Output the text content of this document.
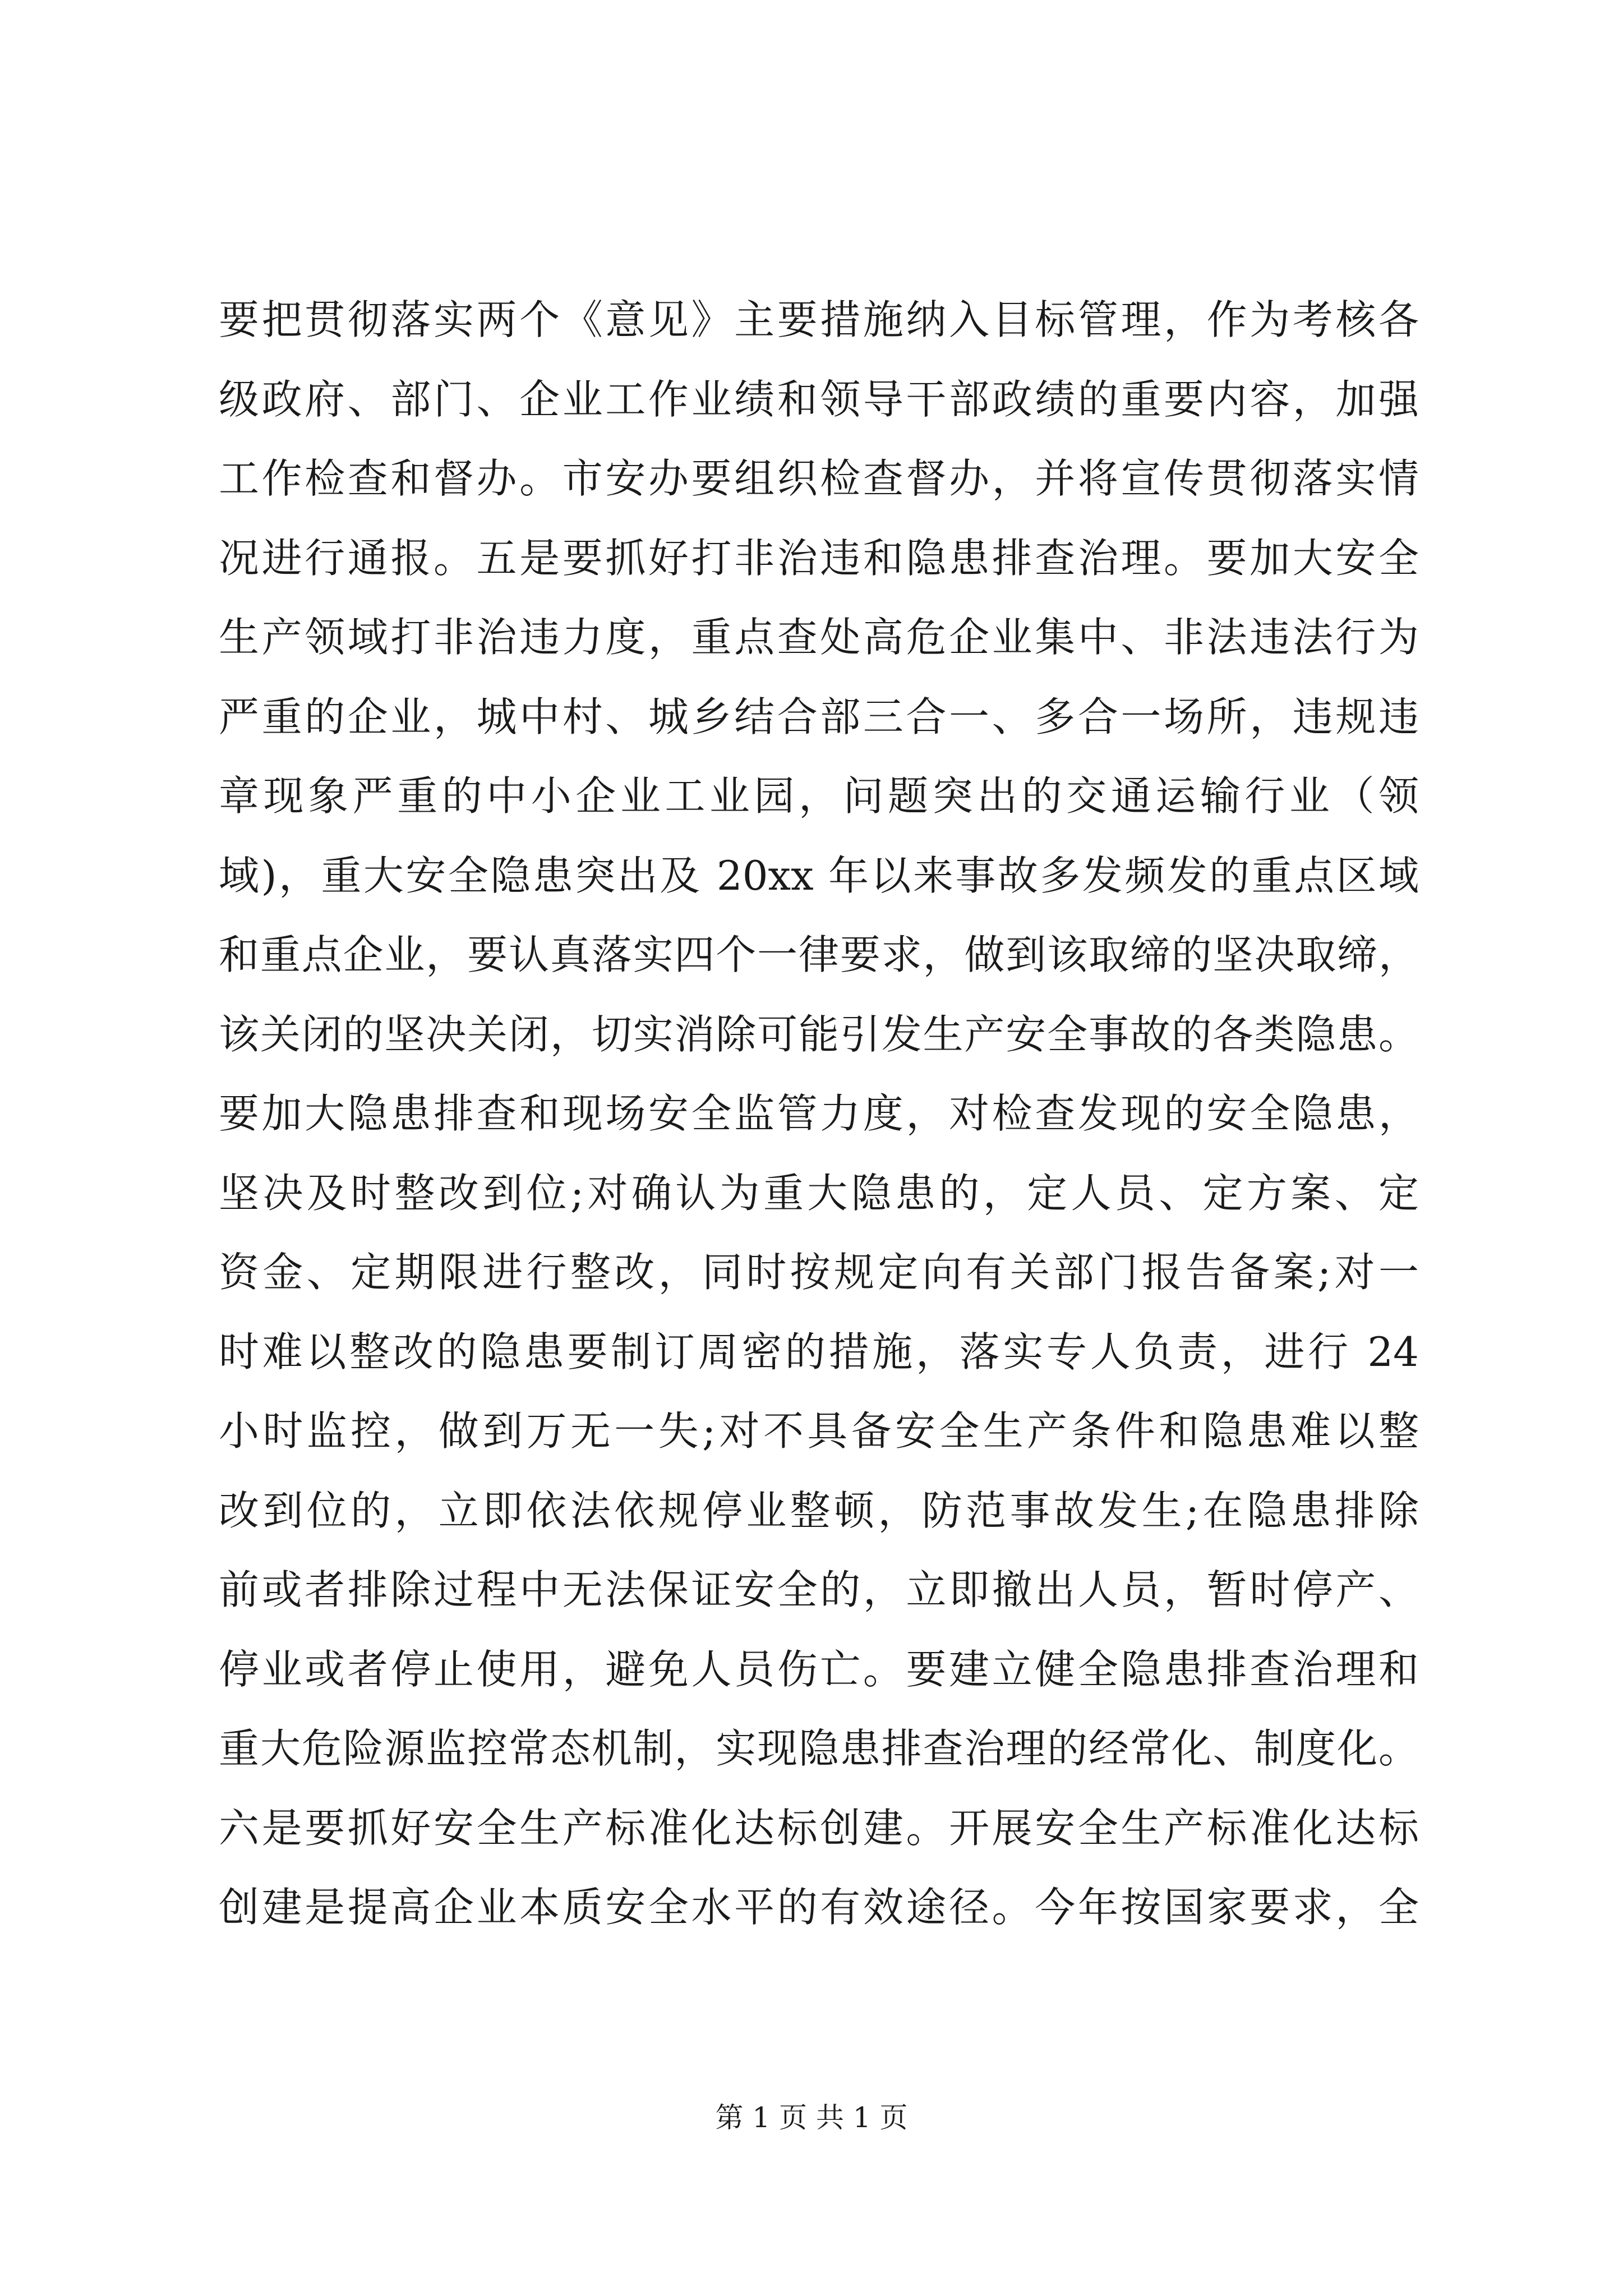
要把贯彻落实两个《意见》主要措施纳入目标管理，作为考核各
级政府、部门、企业工作业绩和领导干部政绩的重要内容，加强
工作检查和督办。市安办要组织检查督办，并将宣传贯彻落实情
况进行通报。五是要抓好打非治违和隐患排查治理。要加大安全
生产领域打非治违力度，重点查处高危企业集中、非法违法行为
严重的企业，城中村、城乡结合部三合一、多合一场所，违规违
章现象严重的中小企业工业园，问题突出的交通运输行业（领
域)，重大安全隐患突出及 20xx 年以来事故多发频发的重点区域
和重点企业，要认真落实四个一律要求，做到该取缔的坚决取缔，
该关闭的坚决关闭，切实消除可能引发生产安全事故的各类隐患。
要加大隐患排查和现场安全监管力度，对检查发现的安全隐患，
坚决及时整改到位;对确认为重大隐患的，定人员、定方案、定
资金、定期限进行整改，同时按规定向有关部门报告备案;对一
时难以整改的隐患要制订周密的措施，落实专人负责，进行 24
小时监控，做到万无一失;对不具备安全生产条件和隐患难以整
改到位的，立即依法依规停业整顿，防范事故发生;在隐患排除
前或者排除过程中无法保证安全的，立即撤出人员，暂时停产、
停业或者停止使用，避免人员伤亡。要建立健全隐患排查治理和
重大危险源监控常态机制，实现隐患排查治理的经常化、制度化。
六是要抓好安全生产标准化达标创建。开展安全生产标准化达标
创建是提高企业本质安全水平的有效途径。今年按国家要求，全
第 1 页 共 1 页
